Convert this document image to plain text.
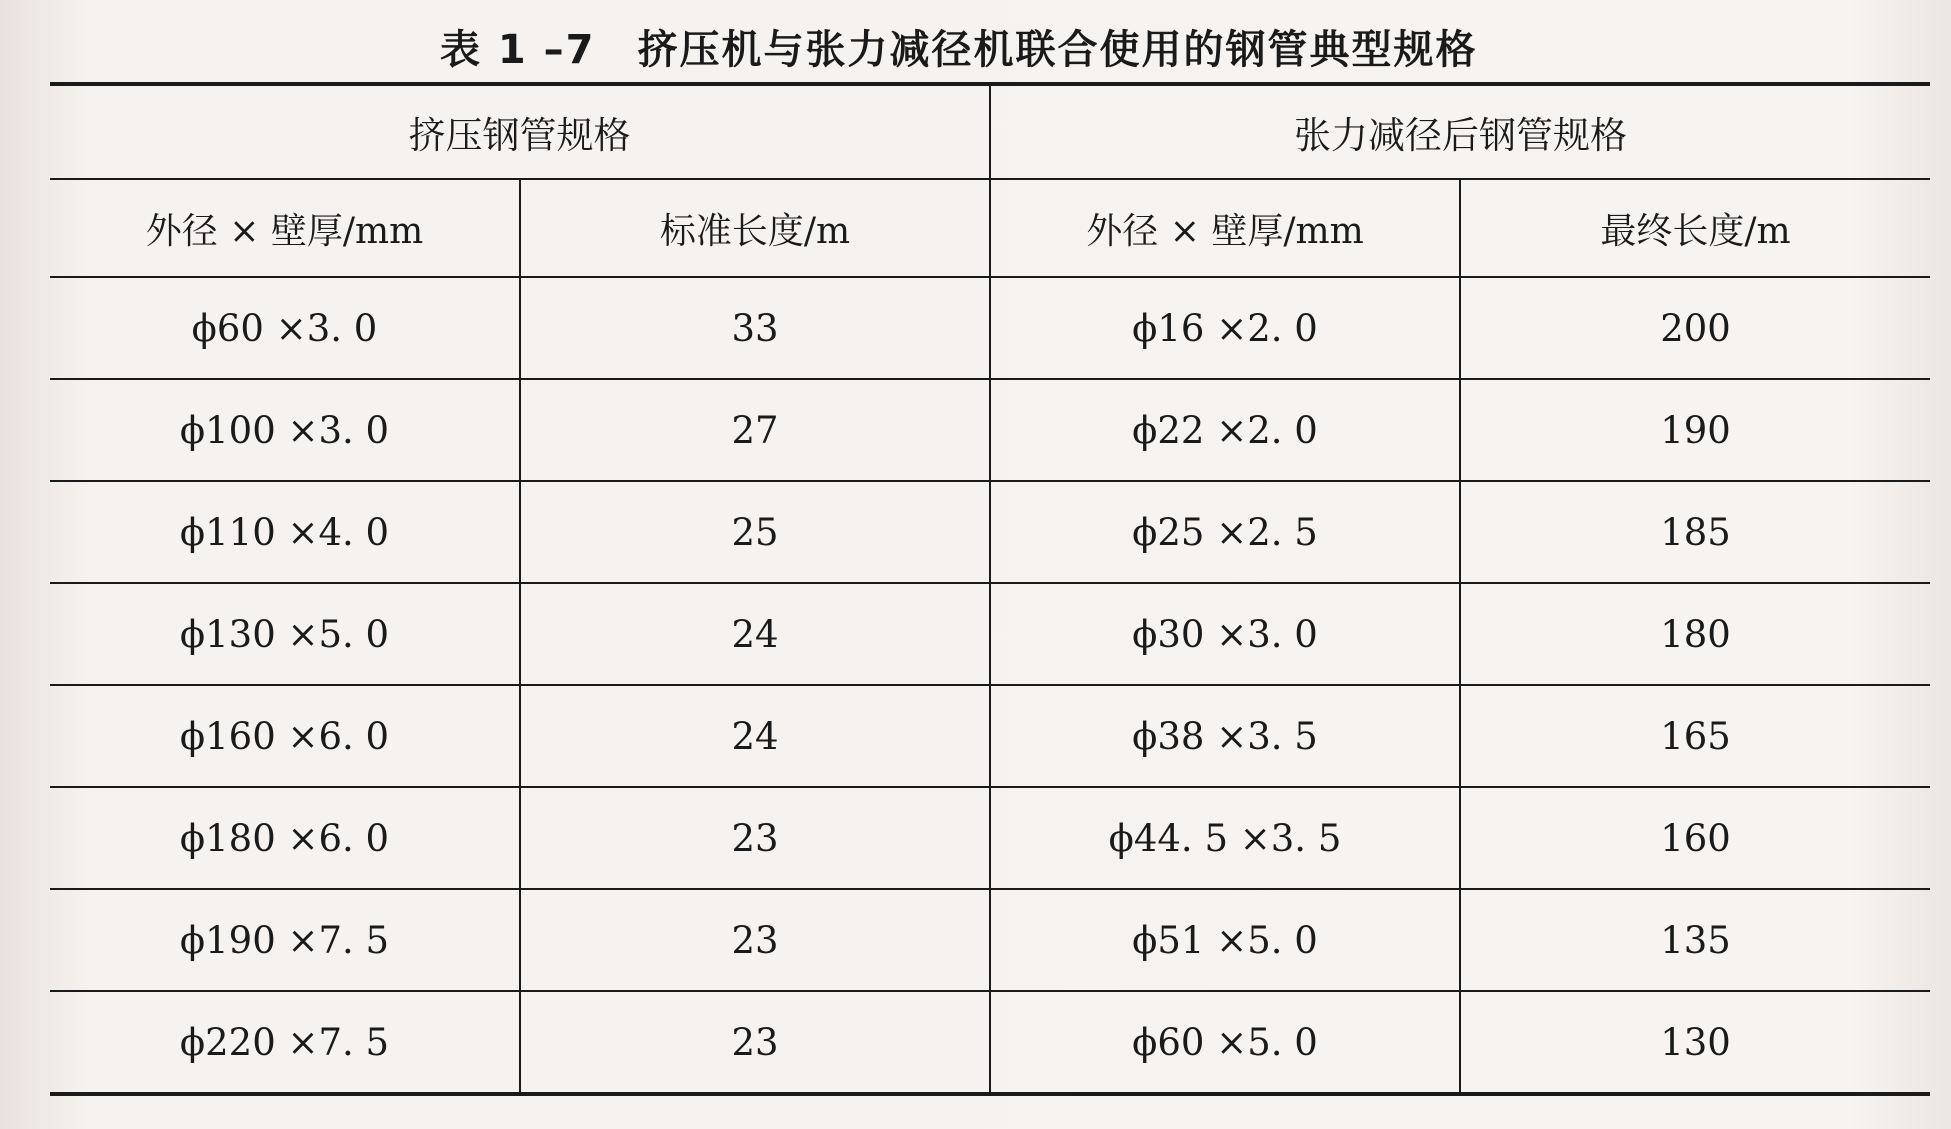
表 1 –7 挤压机与张力减径机联合使用的钢管典型规格
挤压钢管规格		张力减径后钢管规格	
外径 × 壁厚/mm	标准长度/m	外径 × 壁厚/mm	最终长度/m
ϕ60 ×3. 0	33	ϕ16 ×2. 0	200
ϕ100 ×3. 0	27	ϕ22 ×2. 0	190
ϕ110 ×4. 0	25	ϕ25 ×2. 5	185
ϕ130 ×5. 0	24	ϕ30 ×3. 0	180
ϕ160 ×6. 0	24	ϕ38 ×3. 5	165
ϕ180 ×6. 0	23	ϕ44. 5 ×3. 5	160
ϕ190 ×7. 5	23	ϕ51 ×5. 0	135
ϕ220 ×7. 5	23	ϕ60 ×5. 0	130
